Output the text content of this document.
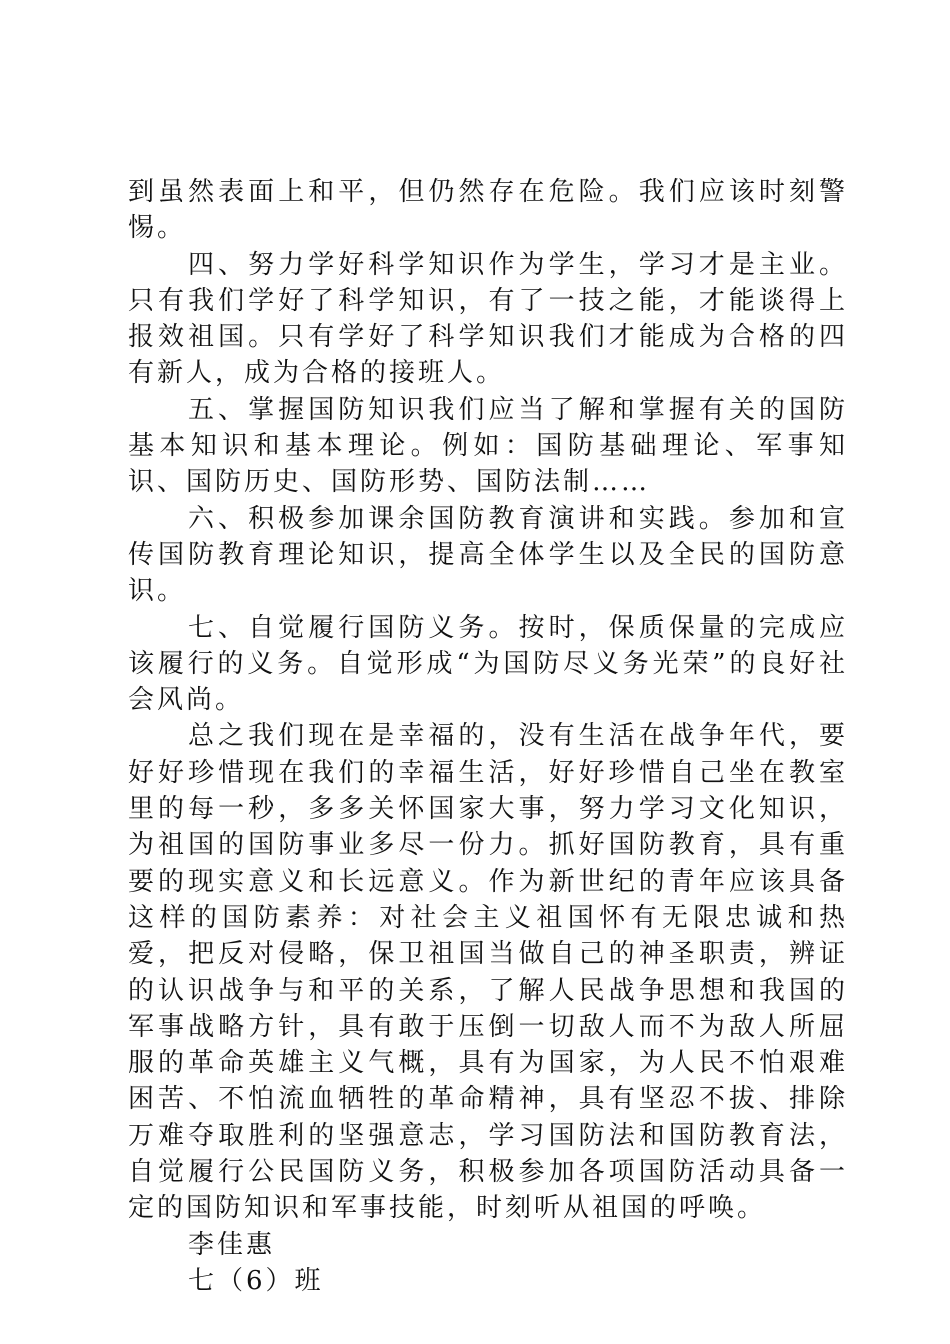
到虽然表面上和平，但仍然存在危险。我们应该时刻警惕。

四、努力学好科学知识作为学生，学习才是主业。只有我们学好了科学知识，有了一技之能，才能谈得上报效祖国。只有学好了科学知识我们才能成为合格的四有新人，成为合格的接班人。

五、掌握国防知识我们应当了解和掌握有关的国防基本知识和基本理论。例如：国防基础理论、军事知识、国防历史、国防形势、国防法制……

六、积极参加课余国防教育演讲和实践。参加和宣传国防教育理论知识，提高全体学生以及全民的国防意识。

七、自觉履行国防义务。按时，保质保量的完成应该履行的义务。自觉形成“为国防尽义务光荣”的良好社会风尚。

总之我们现在是幸福的，没有生活在战争年代，要好好珍惜现在我们的幸福生活，好好珍惜自己坐在教室里的每一秒，多多关怀国家大事，努力学习文化知识，为祖国的国防事业多尽一份力。抓好国防教育，具有重要的现实意义和长远意义。作为新世纪的青年应该具备这样的国防素养：对社会主义祖国怀有无限忠诚和热爱，把反对侵略，保卫祖国当做自己的神圣职责，辨证的认识战争与和平的关系，了解人民战争思想和我国的军事战略方针，具有敢于压倒一切敌人而不为敌人所屈服的革命英雄主义气概，具有为国家，为人民不怕艰难困苦、不怕流血牺牲的革命精神，具有坚忍不拔、排除万难夺取胜利的坚强意志，学习国防法和国防教育法，自觉履行公民国防义务，积极参加各项国防活动具备一定的国防知识和军事技能，时刻听从祖国的呼唤。

李佳惠

七（6）班
